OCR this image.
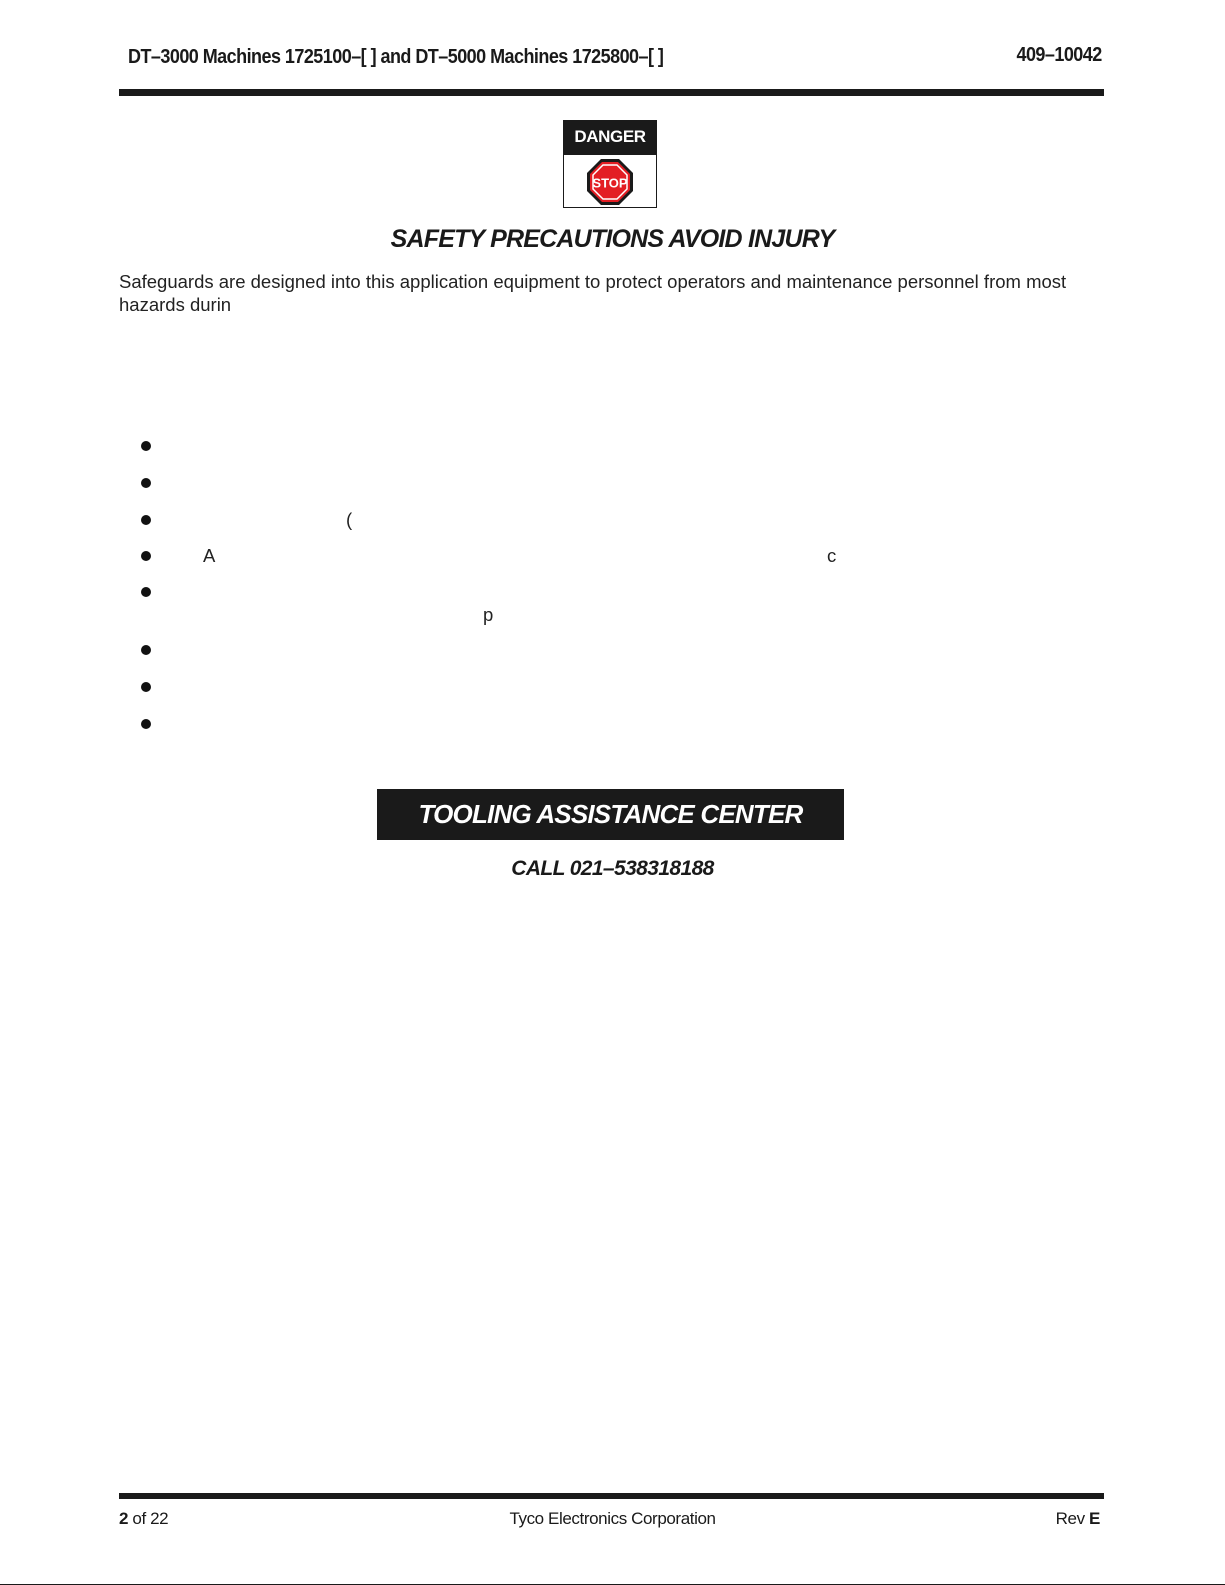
DT–3000 Machines 1725100–[ ] and DT–5000 Machines 1725800–[ ]	409–10042
DANGER
STOP
SAFETY PRECAUTIONS AVOID INJURY
Safeguards are designed into this application equipment to protect operators and maintenance personnel from most hazards durin
(
A	c
p
TOOLING ASSISTANCE CENTER
CALL 021–538318188
2 of 22	Tyco Electronics Corporation	Rev E
